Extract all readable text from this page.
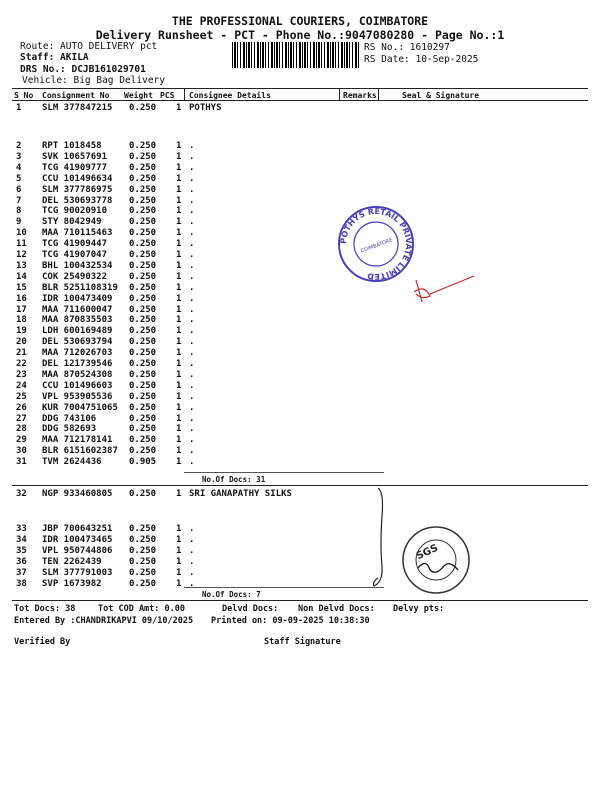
THE PROFESSIONAL COURIERS, COIMBATORE
Delivery Runsheet - PCT - Phone No.:9047080280 - Page No.:1
Route: AUTO DELIVERY pct
Staff: AKILA
DRS No.: DCJB161029701
Vehicle: Big Bag Delivery
RS No.: 1610297
RS Date: 10-Sep-2025
S No Consignment No Weight PCS Consignee Details	Remarks	Seal & Signature
1 SLM 377847215 0.250 1 POTHYS
2 RPT 1018458	0.250 1 .
3 SVK 10657691 0.250 1 .
4 TCG 41909777 0.250 1 .
5 CCU 101496634 0.250 1 .
6 SLM 377786975 0.250 1 .
7 DEL 530693778 0.250 1 .
8 TCG 90020910 0.250 1 .
9 STY 8042949	0.250 1 .
10 MAA 710115463 0.250 1 .
11 TCG 41909447 0.250 1 .
12 TCG 41907047 0.250 1 .
13 BHL 100432534 0.250 1 .
14 COK 25490322 0.250 1 .
15 BLR 5251108319 0.250 1 .
16 IDR 100473409 0.250 1 .
17 MAA 711600047 0.250 1 .
18 MAA 870835503 0.250 1 .
19 LDH 600169489 0.250 1 .
20 DEL 530693794 0.250 1 .
21 MAA 712026703 0.250 1 .
22 DEL 121739546 0.250 1 .
23 MAA 870524308 0.250 1 .
24 CCU 101496603 0.250 1 .
25 VPL 953905536 0.250 1 .
26 KUR 7004751065 0.250 1 .
27 DDG 743106	0.250 1 .
28 DDG 582693	0.250 1 .
29 MAA 712178141 0.250 1 .
30 BLR 6151602387 0.250 1 .
31 TVM 2624436	0.905 1 .
No.Of Docs: 31
32 NGP 933460805 0.250 1 SRI GANAPATHY SILKS
33 JBP 700643251 0.250 1 .
34 IDR 100473465 0.250 1 .
35 VPL 950744806 0.250 1 .
36 TEN 2262439	0.250 1 .
37 SLM 377791003 0.250 1 .
38 SVP 1673982	0.250 1 .
No.Of Docs: 7
Tot Docs: 38	Tot COD Amt: 0.00	Delvd Docs: Non Delvd Docs: Delvy pts:
Entered By :CHANDRIKAPVI 09/10/2025 Printed on: 09-09-2025 10:38:30
Verified By	Staff Signature
POTHYS RETAIL PRIVATE LIMITED
COIMBATORE
SGS
